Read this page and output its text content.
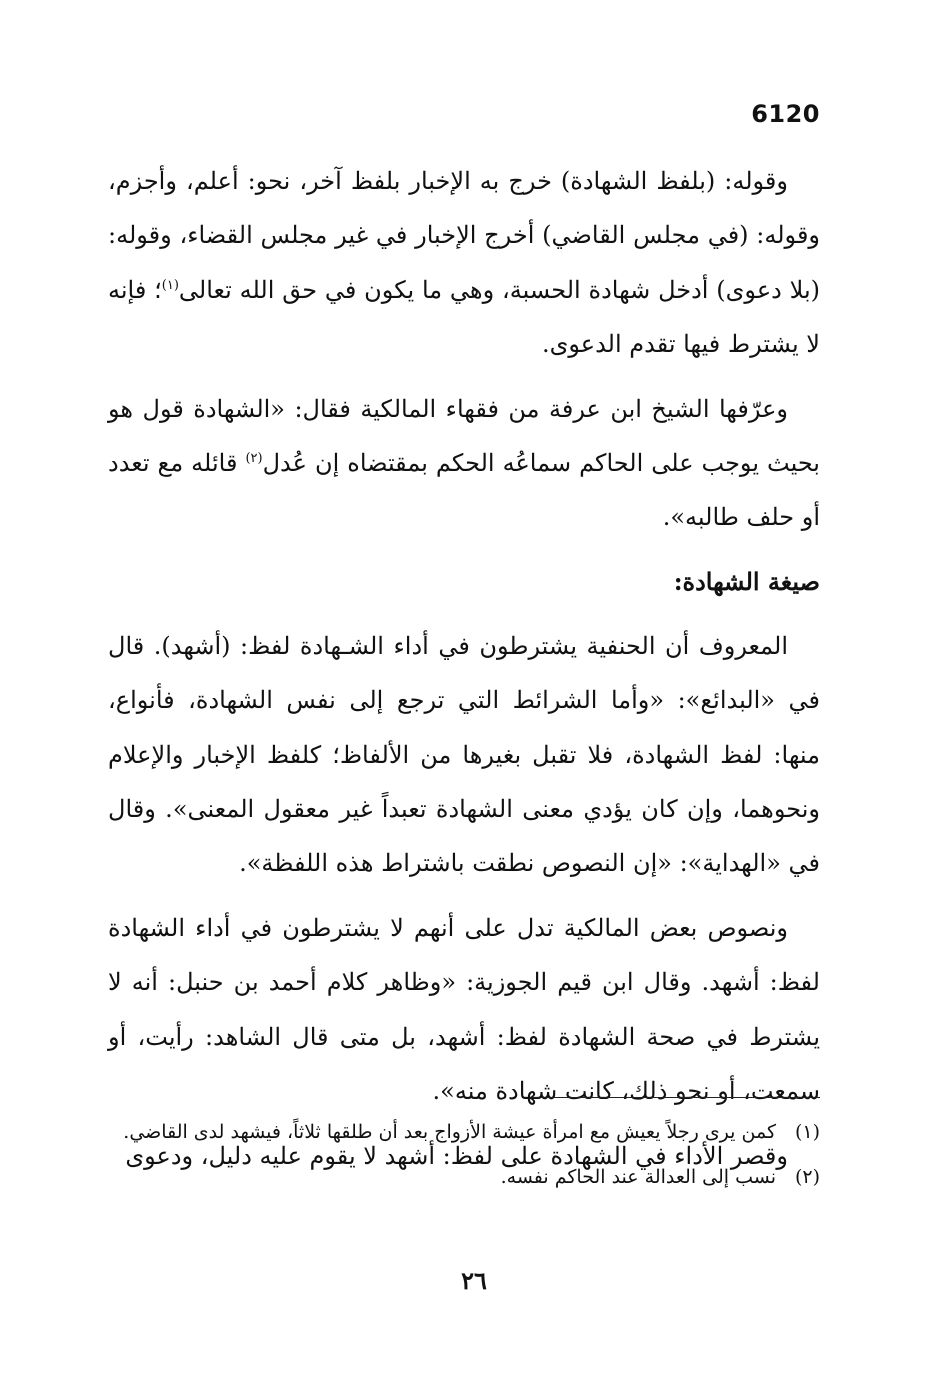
6120

وقوله: (بلفظ الشهادة) خرج به الإخبار بلفظ آخر، نحو: أعلم، وأجزم، وقوله: (في مجلس القاضي) أخرج الإخبار في غير مجلس القضاء، وقوله: (بلا دعوى) أدخل شهادة الحسبة، وهي ما يكون في حق الله تعالى$^{(١)}$؛ فإنه لا يشترط فيها تقدم الدعوى.

وعرّفها الشيخ ابن عرفة من فقهاء المالكية فقال: «الشهادة قول هو بحيث يوجب على الحاكم سماعُه الحكم بمقتضاه إن عُدل$^{(٢)}$ قائله مع تعدد أو حلف طالبه».

صيغة الشهادة:

المعروف أن الحنفية يشترطون في أداء الشـهادة لفظ: (أشهد). قال في «البدائع»: «وأما الشرائط التي ترجع إلى نفس الشهادة، فأنواع، منها: لفظ الشهادة، فلا تقبل بغيرها من الألفاظ؛ كلفظ الإخبار والإعلام ونحوهما، وإن كان يؤدي معنى الشهادة تعبداً غير معقول المعنى». وقال في «الهداية»: «إن النصوص نطقت باشتراط هذه اللفظة».

ونصوص بعض المالكية تدل على أنهم لا يشترطون في أداء الشهادة لفظ: أشهد. وقال ابن قيم الجوزية: «وظاهر كلام أحمد بن حنبل: أنه لا يشترط في صحة الشهادة لفظ: أشهد، بل متى قال الشاهد: رأيت، أو سمعت، أو نحو ذلك، كانت شهادة منه».

وقصر الأداء في الشهادة على لفظ: أشهد لا يقوم عليه دليل، ودعوى

(١)
كمن يرى رجلاً يعيش مع امرأة عيشة الأزواج بعد أن طلقها ثلاثاً، فيشهد لدى القاضي.
(٢)
نسب إلى العدالة عند الحاكم نفسه.
٢٦
